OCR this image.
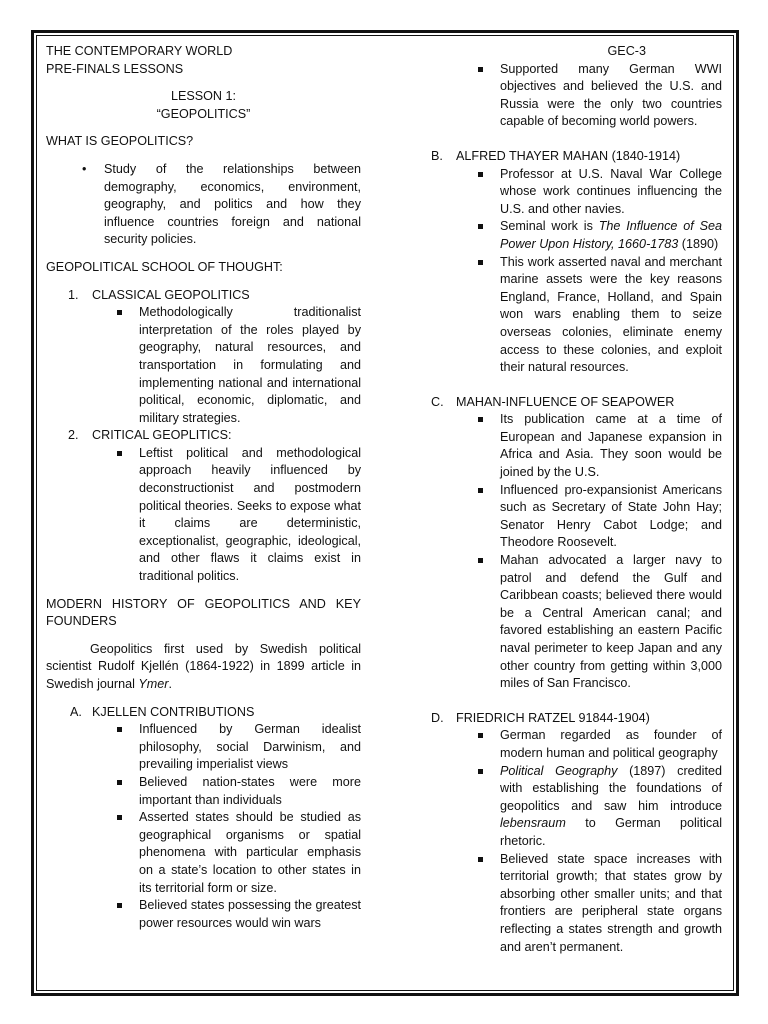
THE CONTEMPORARY WORLD
PRE-FINALS LESSONS
LESSON 1:
“GEOPOLITICS”
WHAT IS GEOPOLITICS?
• Study of the relationships between demography, economics, environment, geography, and politics and how they influence countries foreign and national security policies.
GEOPOLITICAL SCHOOL OF THOUGHT:
1. CLASSICAL GEOPOLITICS
Methodologically traditionalist interpretation of the roles played by geography, natural resources, and transportation in formulating and implementing national and international political, economic, diplomatic, and military strategies.
2. CRITICAL GEOPLITICS:
Leftist political and methodological approach heavily influenced by deconstructionist and postmodern political theories. Seeks to expose what it claims are deterministic, exceptionalist, geographic, ideological, and other flaws it claims exist in traditional politics.
MODERN HISTORY OF GEOPOLITICS AND KEY FOUNDERS
Geopolitics first used by Swedish political scientist Rudolf Kjellén (1864-1922) in 1899 article in Swedish journal Ymer.
A. KJELLEN CONTRIBUTIONS
Influenced by German idealist philosophy, social Darwinism, and prevailing imperialist views
Believed nation-states were more important than individuals
Asserted states should be studied as geographical organisms or spatial phenomena with particular emphasis on a state’s location to other states in its territorial form or size.
Believed states possessing the greatest power resources would win wars
GEC-3
Supported many German WWI objectives and believed the U.S. and Russia were the only two countries capable of becoming world powers.
B. ALFRED THAYER MAHAN (1840-1914)
Professor at U.S. Naval War College whose work continues influencing the U.S. and other navies.
Seminal work is The Influence of Sea Power Upon History, 1660-1783 (1890)
This work asserted naval and merchant marine assets were the key reasons England, France, Holland, and Spain won wars enabling them to seize overseas colonies, eliminate enemy access to these colonies, and exploit their natural resources.
C. MAHAN-INFLUENCE OF SEAPOWER
Its publication came at a time of European and Japanese expansion in Africa and Asia. They soon would be joined by the U.S.
Influenced pro-expansionist Americans such as Secretary of State John Hay; Senator Henry Cabot Lodge; and Theodore Roosevelt.
Mahan advocated a larger navy to patrol and defend the Gulf and Caribbean coasts; believed there would be a Central American canal; and favored establishing an eastern Pacific naval perimeter to keep Japan and any other country from getting within 3,000 miles of San Francisco.
D. FRIEDRICH RATZEL 91844-1904)
German regarded as founder of modern human and political geography
Political Geography (1897) credited with establishing the foundations of geopolitics and saw him introduce lebensraum to German political rhetoric.
Believed state space increases with territorial growth; that states grow by absorbing other smaller units; and that frontiers are peripheral state organs reflecting a states strength and growth and aren’t permanent.
